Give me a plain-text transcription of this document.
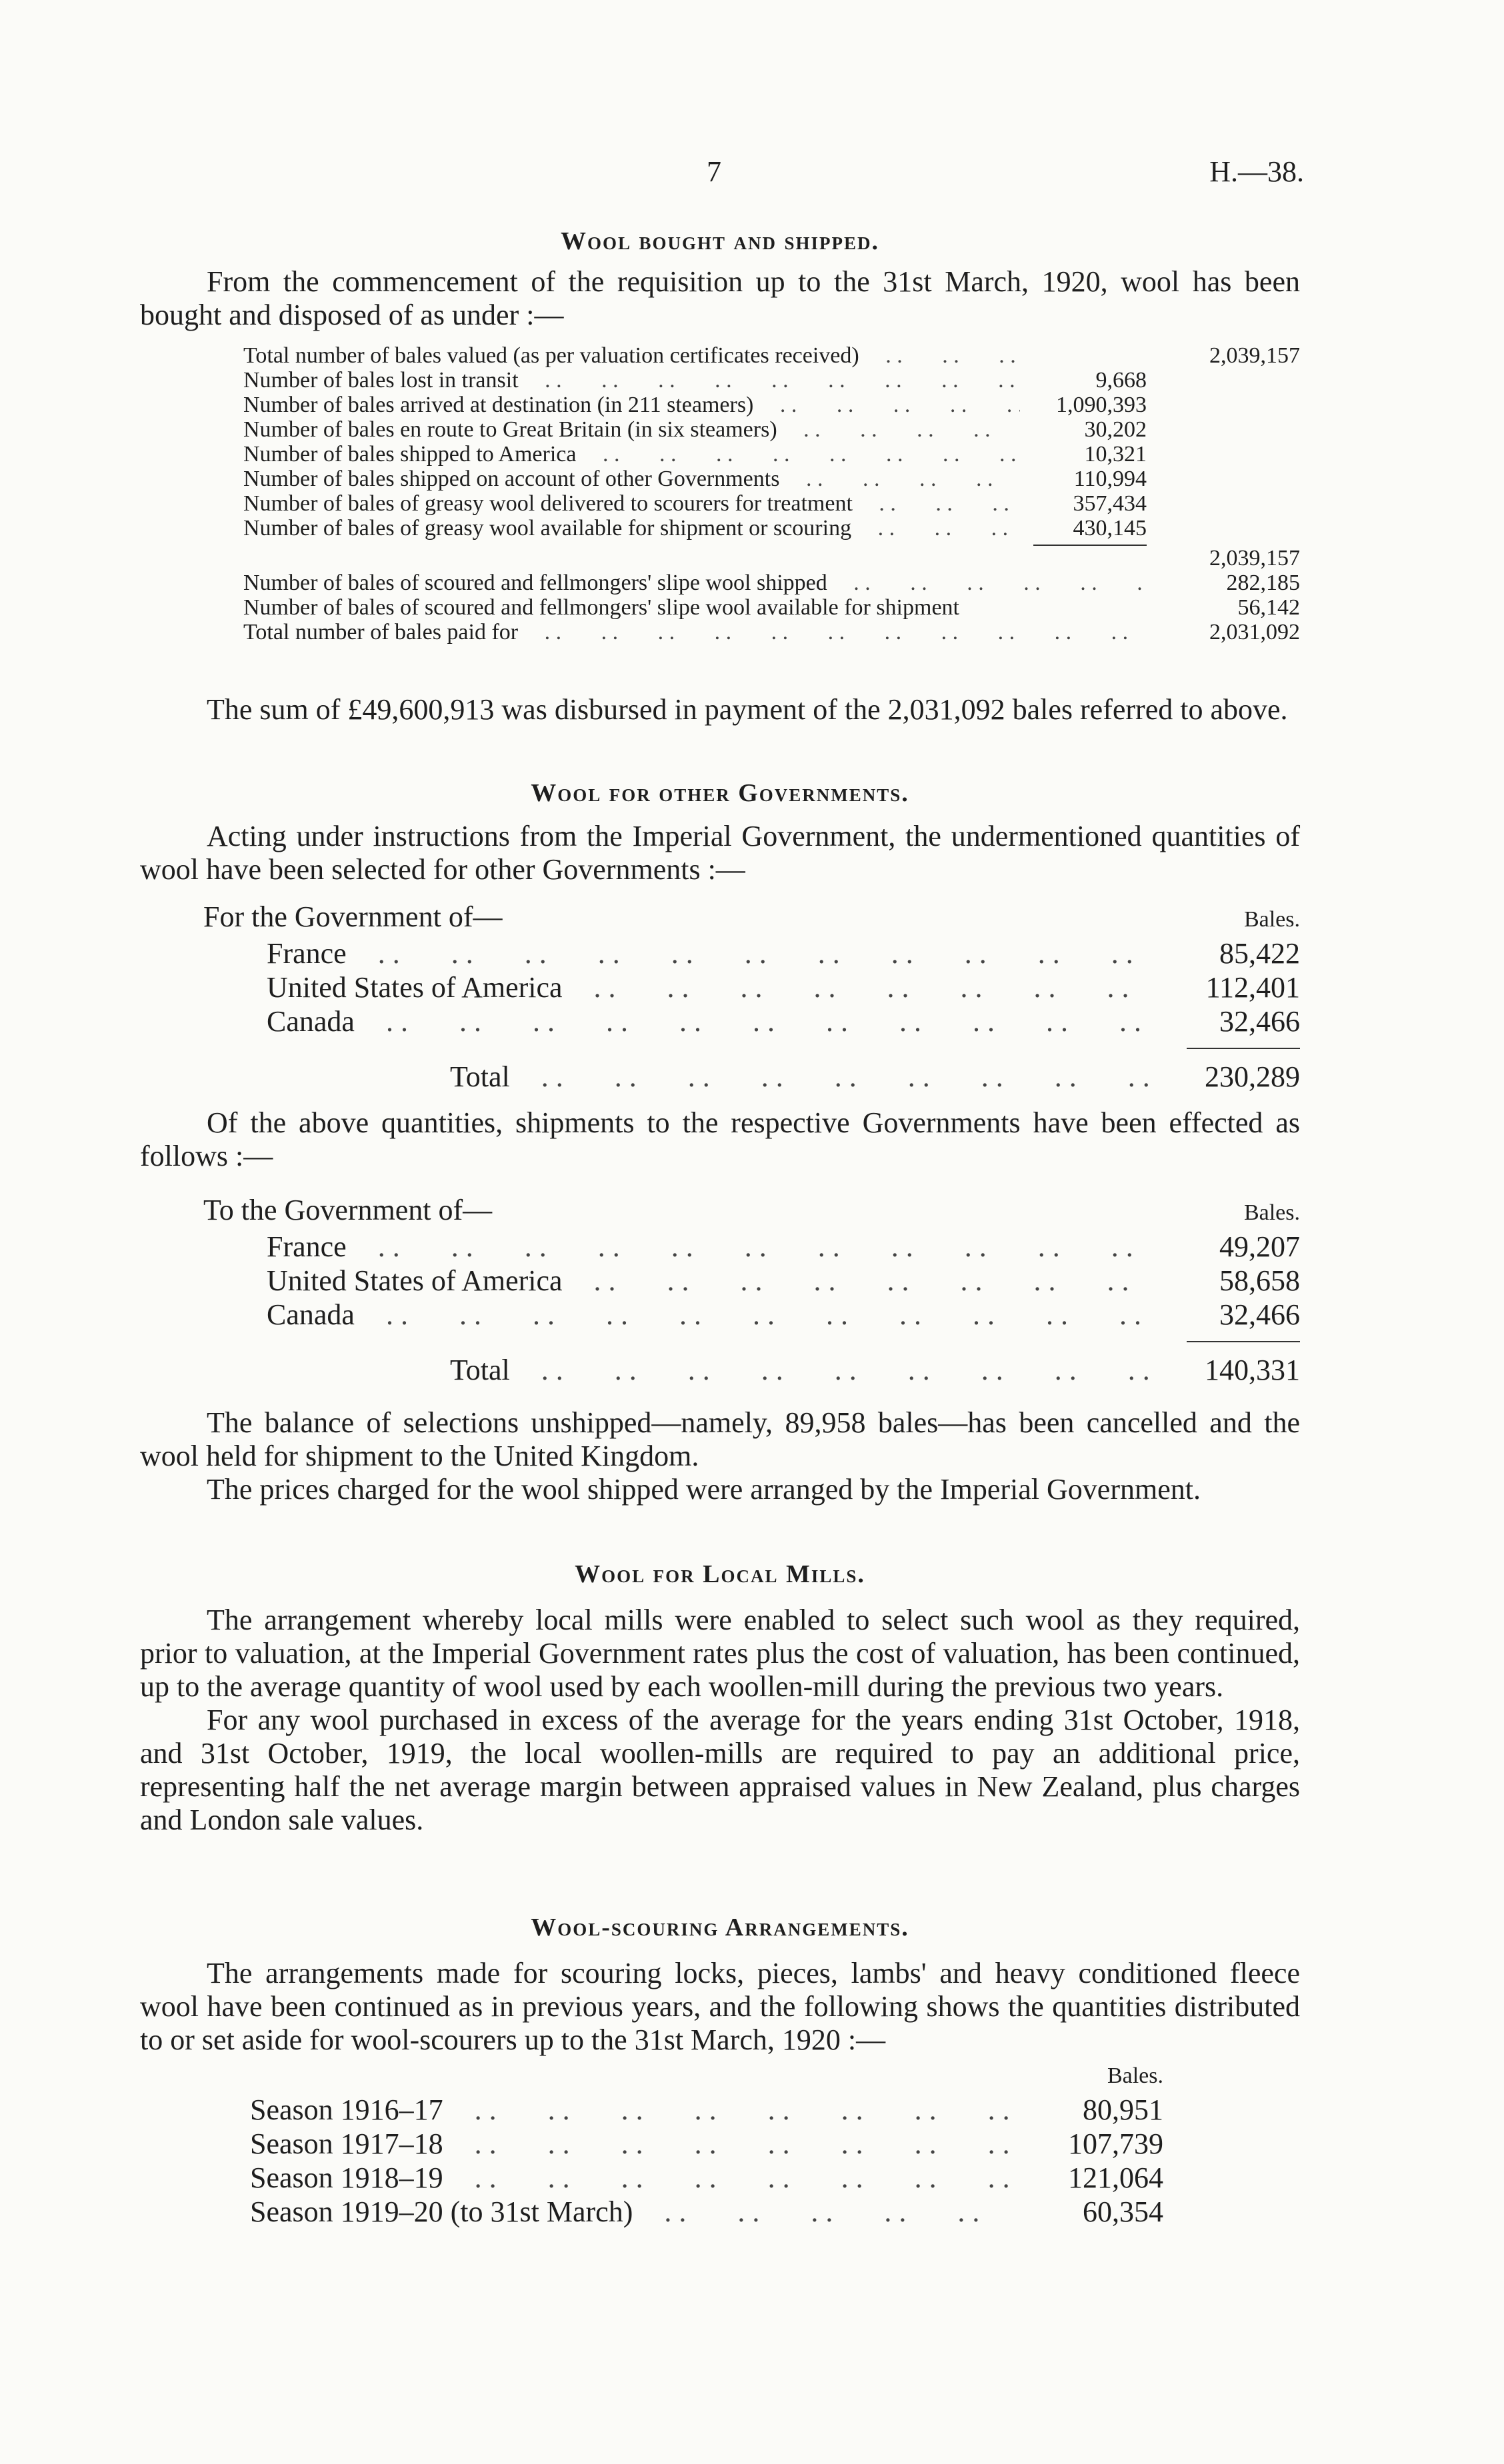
7	H.—38.
Wool bought and shipped.

From the commencement of the requisition up to the 31st March, 1920, wool has been bought and disposed of as under :—

Total number of bales valued (as per valuation certificates received) . .	2,039,157
Number of bales lost in transit . .	9,668
Number of bales arrived at destination (in 211 steamers) . .	1,090,393
Number of bales en route to Great Britain (in six steamers) . .	30,202
Number of bales shipped to America . .	10,321
Number of bales shipped on account of other Governments . .	110,994
Number of bales of greasy wool delivered to scourers for treatment . .	357,434
Number of bales of greasy wool available for shipment or scouring . .	430,145
2,039,157
Number of bales of scoured and fellmongers' slipe wool shipped . .	282,185
Number of bales of scoured and fellmongers' slipe wool available for shipment	56,142
Total number of bales paid for . .	2,031,092

The sum of £49,600,913 was disbursed in payment of the 2,031,092 bales referred to above.

Wool for other Governments.

Acting under instructions from the Imperial Government, the undermentioned quantities of wool have been selected for other Governments :—

For the Government of—	Bales.
France . .	85,422
United States of America . .	112,401
Canada . .	32,466
Total . .	230,289

Of the above quantities, shipments to the respective Governments have been effected as follows :—

To the Government of—	Bales.
France . .	49,207
United States of America . .	58,658
Canada . .	32,466
Total . .	140,331

The balance of selections unshipped—namely, 89,958 bales—has been cancelled and the wool held for shipment to the United Kingdom.

The prices charged for the wool shipped were arranged by the Imperial Government.

Wool for Local Mills.

The arrangement whereby local mills were enabled to select such wool as they required, prior to valuation, at the Imperial Government rates plus the cost of valuation, has been continued, up to the average quantity of wool used by each woollen-mill during the previous two years.

For any wool purchased in excess of the average for the years ending 31st October, 1918, and 31st October, 1919, the local woollen-mills are required to pay an additional price, representing half the net average margin between appraised values in New Zealand, plus charges and London sale values.

Wool-scouring Arrangements.

The arrangements made for scouring locks, pieces, lambs' and heavy conditioned fleece wool have been continued as in previous years, and the following shows the quantities distributed to or set aside for wool-scourers up to the 31st March, 1920 :—

Bales.
Season 1916–17 . .	80,951
Season 1917–18 . .	107,739
Season 1918–19 . .	121,064
Season 1919–20 (to 31st March) . .	60,354
